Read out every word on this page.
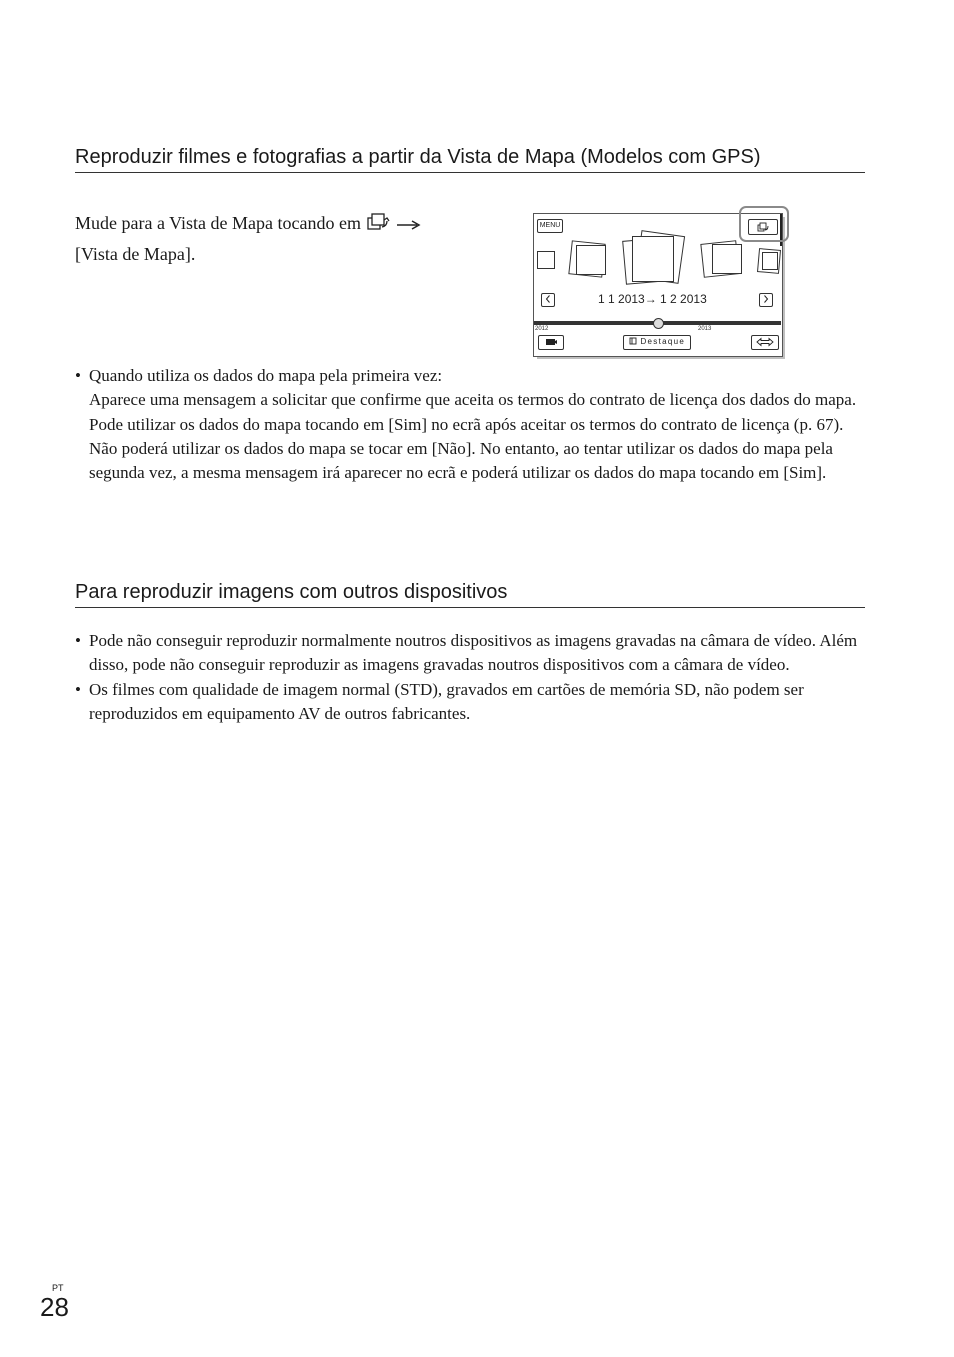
Reproduzir filmes e fotografias a partir da Vista de Mapa (Modelos com GPS)
Mude para a Vista de Mapa tocando em
[Vista de Mapa].
MENU
1 1 2013→ 1 2 2013
2012	2013
Destaque
• Quando utiliza os dados do mapa pela primeira vez:

Aparece uma mensagem a solicitar que confirme que aceita os termos do contrato de licença dos dados do mapa. Pode utilizar os dados do mapa tocando em [Sim] no ecrã após aceitar os termos do contrato de licença (p. 67).

Não poderá utilizar os dados do mapa se tocar em [Não]. No entanto, ao tentar utilizar os dados do mapa pela segunda vez, a mesma mensagem irá aparecer no ecrã e poderá utilizar os dados do mapa tocando em [Sim].

Para reproduzir imagens com outros dispositivos
• Pode não conseguir reproduzir normalmente noutros dispositivos as imagens gravadas na câmara de vídeo. Além disso, pode não conseguir reproduzir as imagens gravadas noutros dispositivos com a câmara de vídeo.

• Os filmes com qualidade de imagem normal (STD), gravados em cartões de memória SD, não podem ser reproduzidos em equipamento AV de outros fabricantes.

PT
28
